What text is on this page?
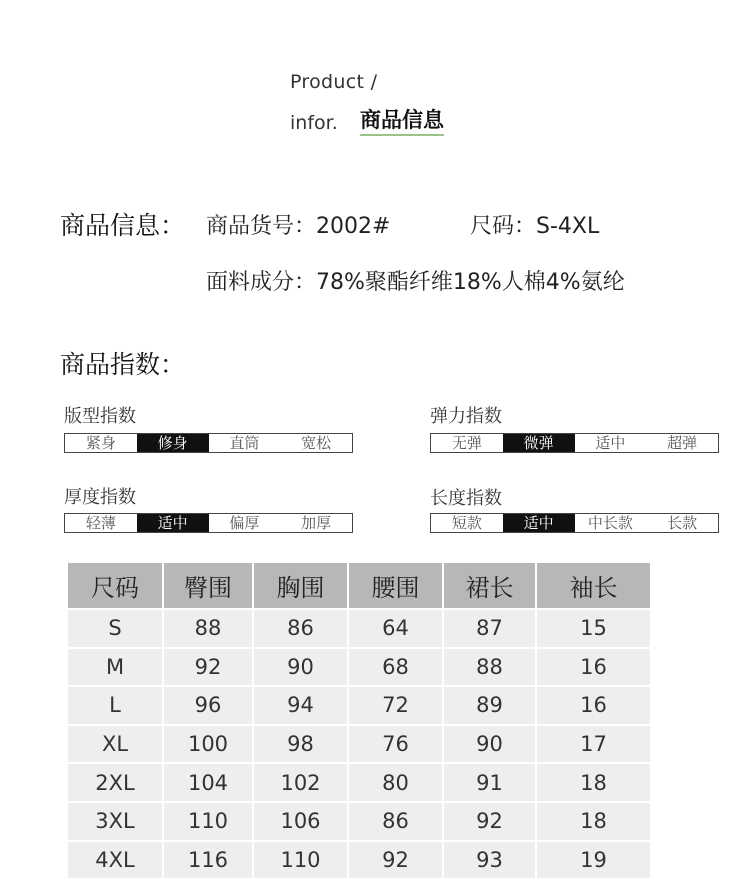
Product /
infor. 商品信息
商品信息： 商品货号：2002#	尺码：S-4XL
面料成分：78%聚酯纤维18%人棉4%氨纶
商品指数：
版型指数
紧身	修身	直筒	宽松
弹力指数
无弹	微弹	适中	超弹
厚度指数
轻薄	适中	偏厚	加厚
长度指数
短款	适中	中长款	长款
尺码	臀围	胸围	腰围	裙长	袖长
S	88	86	64	87	15
M	92	90	68	88	16
L	96	94	72	89	16
XL	100	98	76	90	17
2XL	104	102	80	91	18
3XL	110	106	86	92	18
4XL	116	110	92	93	19
